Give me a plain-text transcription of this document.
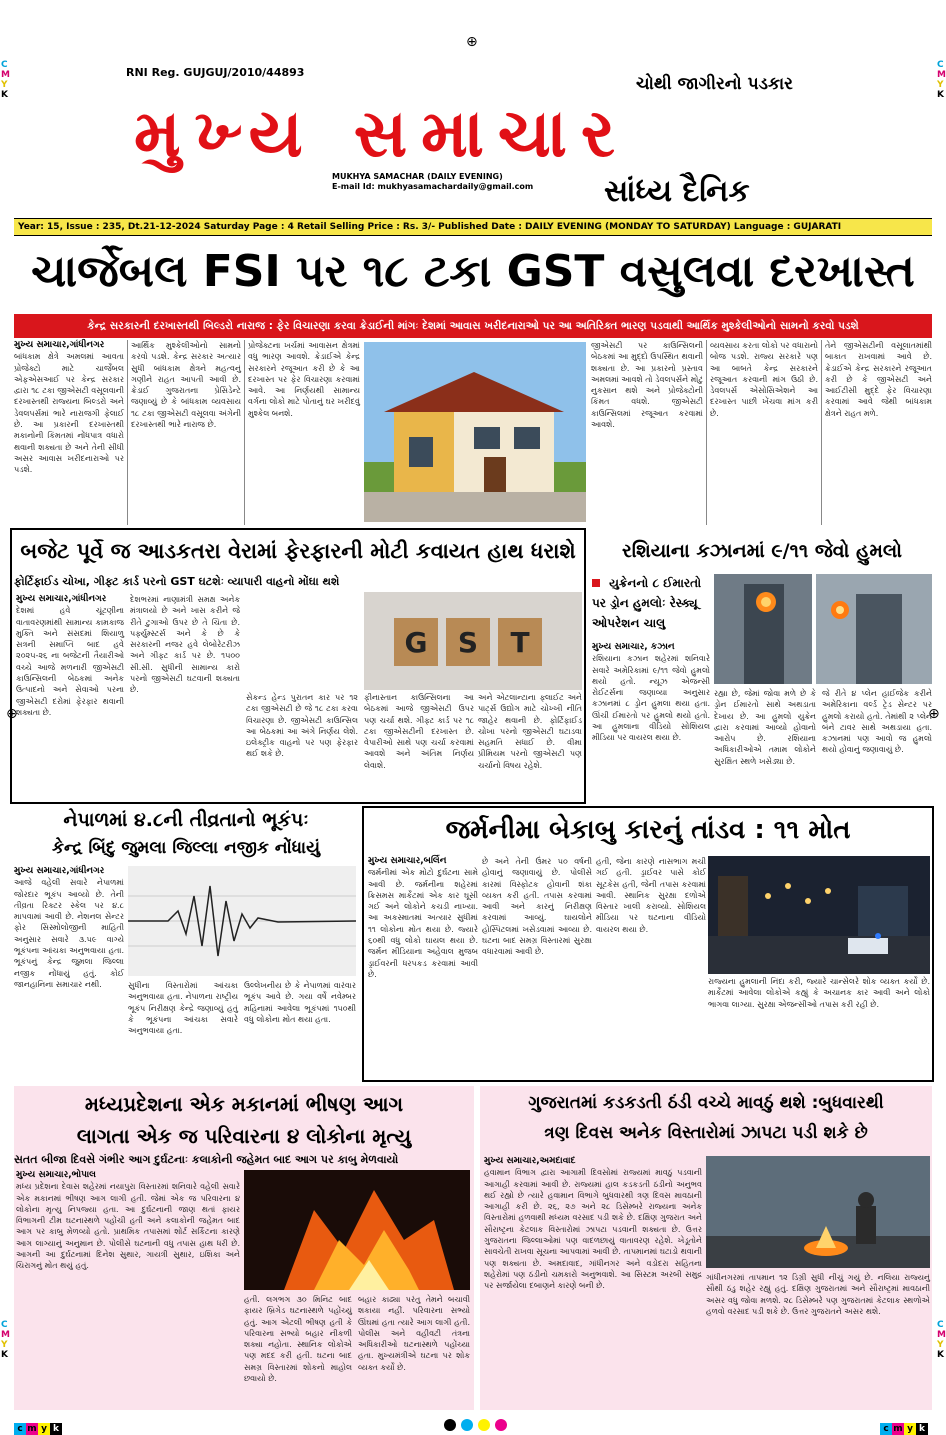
C
M
Y
K
C
M
Y
K
C
M
Y
K
C
M
Y
K
⊕
⊕	⊕
RNI Reg. GUJGUJ/2010/44893
ચોથી જાગીરનો પડકાર
મુખ્ય સમાચાર
MUKHYA SAMACHAR (DAILY EVENING)
E-mail Id: mukhyasamachardaily@gmail.com સાંધ્ય દૈનિક
Year: 15, Issue : 235, Dt.21-12-2024 Saturday Page : 4 Retail Selling Price : Rs. 3/- Published Date : DAILY EVENING (MONDAY TO SATURDAY) Language : GUJARATI
ચાર્જેબલ FSI પર ૧૮ ટકા GST વસુલવા દરખાસ્ત
કેન્દ્ર સરકારની દરખાસ્તથી બિલ્ડરો નારાજ : ફેર વિચારણા કરવા ક્રેડાઈની માંગઃ દેશમાં આવાસ ખરીદનારાઓ પર આ અતિરિક્ત ભારણ પડવાથી આર્થિક મુશ્કેલીઓનો સામનો કરવો પડશે
મુખ્ય સમાચાર,ગાંધીનગર
બાંધકામ ક્ષેત્રે અમલમાં આવતા પ્રોજેક્ટો માટે ચાર્જેબલ એફએસઆઈ પર કેન્દ્ર સરકાર દ્વારા ૧૮ ટકા જીએસટી વસૂલવાની દરખાસ્તથી રાજ્યના બિલ્ડરો અને ડેવલપર્સમાં ભારે નારાજગી ફેલાઈ છે. આ પ્રકારની દરખાસ્તથી મકાનોની કિંમતમાં નોંધપાત્ર વધારો થવાની શક્યતા છે અને તેની સીધી અસર આવાસ ખરીદનારાઓ પર પડશે.
આર્થિક મુશ્કેલીઓનો સામનો કરવો પડશે. કેન્દ્ર સરકાર અત્યાર સુધી બાંધકામ ક્ષેત્રને મહત્વનું ગણીને રાહત આપતી આવી છે. ક્રેડાઈ ગુજરાતના પ્રેસિડેન્ટે જણાવ્યું છે કે બાંધકામ વ્યવસાય ૧૮ ટકા જીએસટી વસૂલવા અંગેની દરખાસ્તથી ભારે નારાજ છે.
પ્રોજેક્ટના ખર્ચમાં આવાસન ક્ષેત્રમાં વધુ ભારણ આવશે. ક્રેડાઈએ કેન્દ્ર સરકારને રજૂઆત કરી છે કે આ દરખાસ્ત પર ફેર વિચારણા કરવામાં આવે. આ નિર્ણયથી સામાન્ય વર્ગના લોકો માટે પોતાનું ઘર ખરીદવું મુશ્કેલ બનશે.
જીએસટી પર કાઉન્સિલની બેઠકમાં આ મુદ્દો ઉપસ્થિત થવાની શક્યતા છે. આ પ્રકારનો પ્રસ્તાવ અમલમાં આવશે તો ડેવલપર્સને મોટું નુકસાન થશે અને પ્રોજેક્ટોની કિંમત વધશે. જીએસટી કાઉન્સિલમાં રજૂઆત કરવામાં આવશે.
વ્યવસાય કરતા લોકો પર વધારાનો બોજ પડશે. રાજ્ય સરકારે પણ આ બાબતે કેન્દ્ર સરકારને રજૂઆત કરવાની માંગ ઉઠી છે. ડેવલપર્સ એસોસિએશને આ દરખાસ્ત પાછી ખેંચવા માંગ કરી છે.
તેને જીએસટીની વસૂલાતમાંથી બાકાત રાખવામાં આવે છે. ક્રેડાઈએ કેન્દ્ર સરકારને રજૂઆત કરી છે કે જીએસટી અને આઈટીસી મુદ્દે ફેર વિચારણા કરવામાં આવે જેથી બાંધકામ ક્ષેત્રને રાહત મળે.
બજેટ પૂર્વે જ આડકતરા વેરામાં ફેરફારની મોટી કવાયત હાથ ધરાશે
ફોર્ટિફાઈડ ચોખા, ગીફ્ટ કાર્ડ પરનો GST ઘટશેઃ વ્યાપારી વાહનો મોંઘા થશે
મુખ્ય સમાચાર,ગાંધીનગર
દેશમાં હવે ચૂંટણીના વાતાવરણમાંથી સામાન્ય કામકાજ મુક્તિ અને સંસદમાં શિયાળુ સત્રની સમાપ્તિ બાદ હવે ૨૦૨૫-૨૬ ના બજેટની તૈયારીઓ વચ્ચે આજે મળનારી જીએસટી કાઉન્સિલની બેઠકમાં અનેક ઉત્પાદનો અને સેવાઓ પરના જીએસટી દરોમાં ફેરફાર થવાની શક્યતા છે.
દેશભરમાં નાણામંત્રી સમક્ષ અનેક મંત્રાલયો છે અને ખાસ કરીને જે રીતે ટુગાઓ ઉપર છે તે ચિંતા છે. પર્ફ્યુમ્સ્ટર્સ અને કે છે કે સરકારની નજર હવે લેબોરેટરીઝ અને ગીફ્ટ કાર્ડ પર છે. ૧૫૦૦ સી.સી. સુધીની સામાન્ય કારો પરનો જીએસટી ઘટવાની શક્યતા છે.
સેકન્ડ હેન્ડ પુરાતન કાર પર ૧૨ ટકા જીએસટી છે જે ૧૮ ટકા કરવા વિચારણા છે. જીએસટી કાઉન્સિલ આ બેઠકમાં આ અંગે નિર્ણય લેશે. ઇલેક્ટ્રીક વાહનો પર પણ ફેરફાર થઈ શકે છે.
G S T
ફીનાસ્તાન કાઉન્સિલના આ બેઠકમાં આજે જીએસટી ઉપર પણ ચર્ચા થશે. ગીફ્ટ કાર્ડ પર ૧૮ ટકા જીએસટીની દરખાસ્ત છે. વેપારીઓ સાથે પણ ચર્ચા કરવામાં આવશે અને અંતિમ નિર્ણય લેવાશે.
અને એટલાન્ટાના ફ્લાઈટ અને પાર્ટ્સ ઉદ્યોગ માટે ચોખ્ખી નીતિ જાહેર થવાની છે. ફોર્ટિફાઈડ ચોખા પરનો જીએસટી ઘટાડવા સહમતિ સધાઈ છે. વીમા પ્રીમિયમ પરનો જીએસટી પણ ચર્ચાનો વિષય રહેશે.
રશિયાના કઝાનમાં ૯/૧૧ જેવો હુમલો
યુક્રેનનો ૮ ઈમારતો પર ડ્રોન હુમલોઃ રેસ્ક્યૂ ઓપરેશન ચાલુ
મુખ્ય સમાચાર, કઝાન
રશિયાના કઝાન શહેરમાં શનિવારે સવારે અમેરિકામાં ૯/૧૧ જેવો હુમલો થયો હતો. ન્યૂઝ એજન્સી રોઈટર્સના જણાવ્યા અનુસાર કઝાનમાં ૮ ડ્રોન હુમલા થયા હતા. ઊંચી ઈમારતો પર હુમલો થયો હતો. આ હુમલાના વીડિયો સોશિયલ મીડિયા પર વાયરલ થયા છે.
રહ્યા છે, જેમાં જોવા મળે છે કે ડ્રોન ઈમારતો સાથે અથડાતા દેખાય છે. આ હુમલો યુક્રેન દ્વારા કરવામાં આવ્યો હોવાનો આરોપ છે. રશિયાના અધિકારીઓએ તમામ લોકોને સુરક્ષિત સ્થળે ખસેડ્યા છે.
જે રીતે ૪ પ્લેન હાઈજેક કરીને અમેરિકાના વર્લ્ડ ટ્રેડ સેન્ટર પર હુમલો કરાયો હતો. તેમાંથી ૨ પ્લેન બંને ટાવર સાથે અથડાયા હતા. કઝાનમાં પણ આવો જ હુમલો થયો હોવાનું જણાવાયું છે.
નેપાળમાં ૪.૮ની તીવ્રતાનો ભૂકંપઃ
કેન્દ્ર બિંદુ જુમલા જિલ્લા નજીક નોંધાયું
મુખ્ય સમાચાર,ગાંધીનગર
આજે વહેલી સવારે નેપાળમાં જોરદાર ભૂકંપ આવ્યો છે. તેની તીવ્રતા રિક્ટર સ્કેલ પર ૪.૮ માપવામાં આવી છે. નેશનલ સેન્ટર ફોર સિસ્મોલોજીની માહિતી અનુસાર સવારે ૩.૫૯ વાગ્યે ભૂકંપના આંચકા અનુભવાયા હતા. ભૂકંપનું કેન્દ્ર જુમલા જિલ્લા નજીક નોંધાયું હતું. કોઈ જાનહાનિના સમાચાર નથી.	સુધીના વિસ્તારોમાં આંચકા અનુભવાયા હતા. નેપાળના રાષ્ટ્રીય ભૂકંપ નિરીક્ષણ કેન્દ્રે જણાવ્યું હતું કે ભૂકંપના આંચકા સવારે અનુભવાયા હતા.
ઉલ્લેખનીય છે કે નેપાળમાં વારંવાર ભૂકંપ આવે છે. ગયા વર્ષે નવેમ્બર મહિનામાં આવેલા ભૂકંપમાં ૧૫૦થી વધુ લોકોના મોત થયા હતા.
જર્મનીમા બેકાબુ કારનું તાંડવ : ૧૧ મોત
મુખ્ય સમાચાર,બર્લિન
જર્મનીમાં એક મોટો દુર્ઘટના સામે આવી છે. જર્મનીના શહેરમાં ક્રિસમસ માર્કેટમાં એક કાર ઘૂસી ગઈ અને લોકોને કચડી નાખ્યા. આ અકસ્માતમાં અત્યાર સુધીમાં ૧૧ લોકોના મોત થયા છે. જ્યારે ૬૦થી વધુ લોકો ઘાયલ થયા છે. જર્મન મીડિયાના અહેવાલ મુજબ ડ્રાઈવરની ધરપકડ કરવામાં આવી છે.
છે અને તેની ઉંમર ૫૦ વર્ષની હોવાનું જણાવાયું છે. પોલીસે કારમાં વિસ્ફોટક હોવાની શંકા વ્યક્ત કરી હતી. તપાસ કરવામાં આવી અને કારનું નિરીક્ષણ કરવામાં આવ્યું. ઘાયલોને હોસ્પિટલમાં ખસેડવામાં આવ્યા છે. ઘટના બાદ સમગ્ર વિસ્તારમાં સુરક્ષા વધારવામાં આવી છે.
હતી, જેના કારણે નાસભાગ મચી ગઈ હતી. ડ્રાઈવર પાસે કોઈ સૂટકેસ હતી, જેની તપાસ કરવામાં આવી. સ્થાનિક સુરક્ષા દળોએ વિસ્તાર ખાલી કરાવ્યો. સોશિયલ મીડિયા પર ઘટનાના વીડિયો વાયરલ થયા છે.
રાજ્યના હુમલાની નિંદા કરી, જ્યારે ચાન્સેલરે શોક વ્યક્ત કર્યો છે. માર્કેટમાં આવેલા લોકોએ કહ્યું કે અચાનક કાર આવી અને લોકો ભાગવા લાગ્યા. સુરક્ષા એજન્સીઓ તપાસ કરી રહી છે.
મધ્યપ્રદેશના એક મકાનમાં ભીષણ આગ
લાગતા એક જ પરિવારના ૪ લોકોના મૃત્યુ
સતત બીજા દિવસે ગંભીર આગ દુર્ઘટનાઃ કલાકોની જહેમત બાદ આગ પર કાબુ મેળવાયો
મુખ્ય સમાચાર,ભોપાલ
મધ્ય પ્રદેશના દેવાસ શહેરમાં નયાપુરા વિસ્તારમાં શનિવારે વહેલી સવારે એક મકાનમાં ભીષણ આગ લાગી હતી. જેમાં એક જ પરિવારના ૪ લોકોના મૃત્યુ નિપજ્યા હતા. આ દુર્ઘટનાની જાણ થતાં ફાયર વિભાગની ટીમ ઘટનાસ્થળે પહોંચી હતી અને કલાકોની જહેમત બાદ આગ પર કાબુ મેળવ્યો હતો. પ્રાથમિક તપાસમાં શોર્ટ સર્કિટના કારણે આગ લાગ્યાનું અનુમાન છે. પોલીસે ઘટનાની વધુ તપાસ હાથ ધરી છે. આગની આ દુર્ઘટનામાં દિનેશ સુથાર, ગાયત્રી સુથાર, ઇશિકા અને ચિરાગનું મોત થયું હતું.
હતી. લગભગ ૩૦ મિનિટ બાદ ફાયર બ્રિગેડ ઘટનાસ્થળે પહોંચ્યું હતું. આગ એટલી ભીષણ હતી કે પરિવારના સભ્યો બહાર નીકળી શક્યા નહોતા. સ્થાનિક લોકોએ પણ મદદ કરી હતી. ઘટના બાદ સમગ્ર વિસ્તારમાં શોકનો માહોલ છવાયો છે.
બહાર કાઢ્યા પરંતુ તેમને બચાવી શકાયા નહીં. પરિવારના સભ્યો ઊંઘમાં હતા ત્યારે આગ લાગી હતી. પોલીસ અને વહીવટી તંત્રના અધિકારીઓ ઘટનાસ્થળે પહોંચ્યા હતા. મુખ્યમંત્રીએ ઘટના પર શોક વ્યક્ત કર્યો છે.
ગુજરાતમાં કડકડતી ઠંડી વચ્ચે માવઠું થશે :બુધવારથી
ત્રણ દિવસ અનેક વિસ્તારોમાં ઝાપટા પડી શકે છે
મુખ્ય સમાચાર,અમદાવાદ
હવામાન વિભાગ દ્વારા આગામી દિવસોમાં રાજ્યમાં માવઠું પડવાની આગાહી કરવામાં આવી છે. રાજ્યમાં હાલ કડકડતી ઠંડીનો અનુભવ થઈ રહ્યો છે ત્યારે હવામાન વિભાગે બુધવારથી ત્રણ દિવસ માવઠાની આગાહી કરી છે. ૨૬, ૨૭ અને ૨૮ ડિસેમ્બરે રાજ્યના અનેક વિસ્તારોમાં હળવાથી મધ્યમ વરસાદ પડી શકે છે. દક્ષિણ ગુજરાત અને સૌરાષ્ટ્રના કેટલાક વિસ્તારોમાં ઝાપટા પડવાની શક્યતા છે. ઉત્તર ગુજરાતના જિલ્લાઓમાં પણ વાદળછાયું વાતાવરણ રહેશે. ખેડૂતોને સાવચેતી રાખવા સૂચના આપવામાં આવી છે. તાપમાનમાં ઘટાડો થવાની પણ શક્યતા છે. અમદાવાદ, ગાંધીનગર અને વડોદરા સહિતના શહેરોમાં પણ ઠંડીનો ચમકારો અનુભવાશે. આ સિસ્ટમ અરબી સમુદ્ર પર સર્જાયેલા દબાણને કારણે બની છે.
ગાંધીનગરમાં તાપમાન ૧૨ ડિગ્રી સુધી નીચું ગયું છે. નલિયા રાજ્યનું સૌથી ઠંડુ શહેર રહ્યું હતું. દક્ષિણ ગુજરાતમાં અને સૌરાષ્ટ્રમાં માવઠાની અસર વધુ જોવા મળશે. ૨૮ ડિસેમ્બરે પણ ગુજરાતમાં કેટલાક સ્થળોએ હળવો વરસાદ પડી શકે છે. ઉત્તર ગુજરાતને અસર થશે.
c m y k
	c m y k
